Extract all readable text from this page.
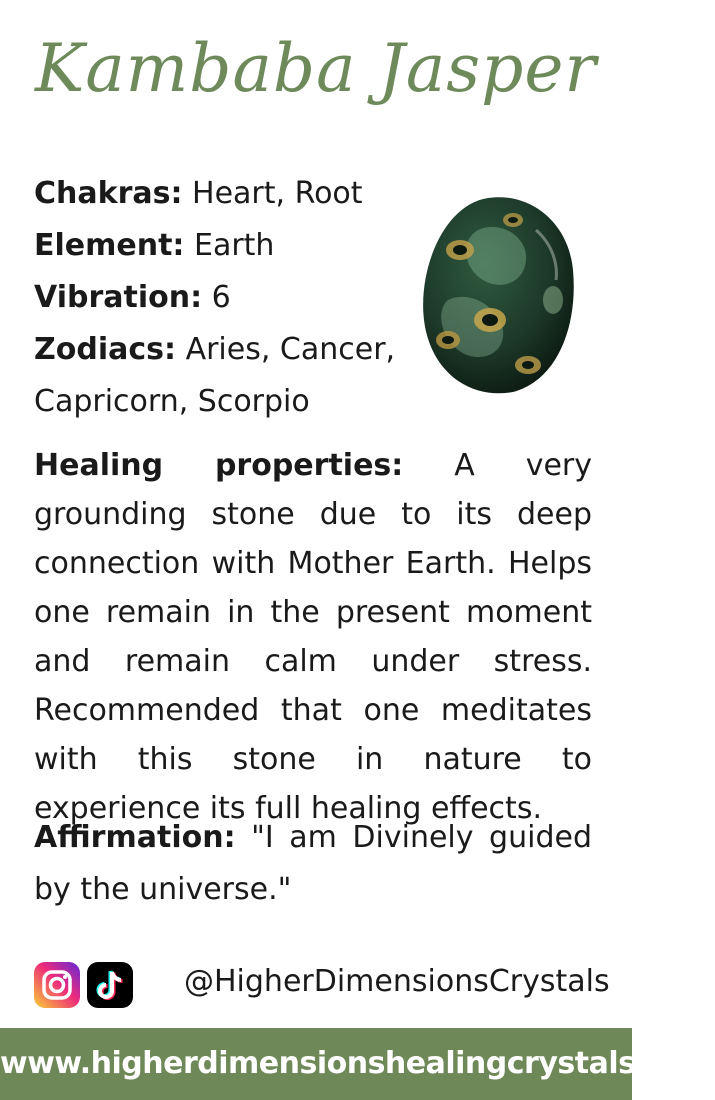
Kambaba Jasper
Chakras: Heart, Root
Element: Earth
Vibration: 6
Zodiacs: Aries, Cancer,
Capricorn, Scorpio

Healing properties: A very grounding stone due to its deep connection with Mother Earth. Helps one remain in the present moment and remain calm under stress. Recommended that one meditates with this stone in nature to experience its full healing effects.

Affirmation: "I am Divinely guided by the universe."

@HigherDimensionsCrystals
www.higherdimensionshealingcrystals.com
